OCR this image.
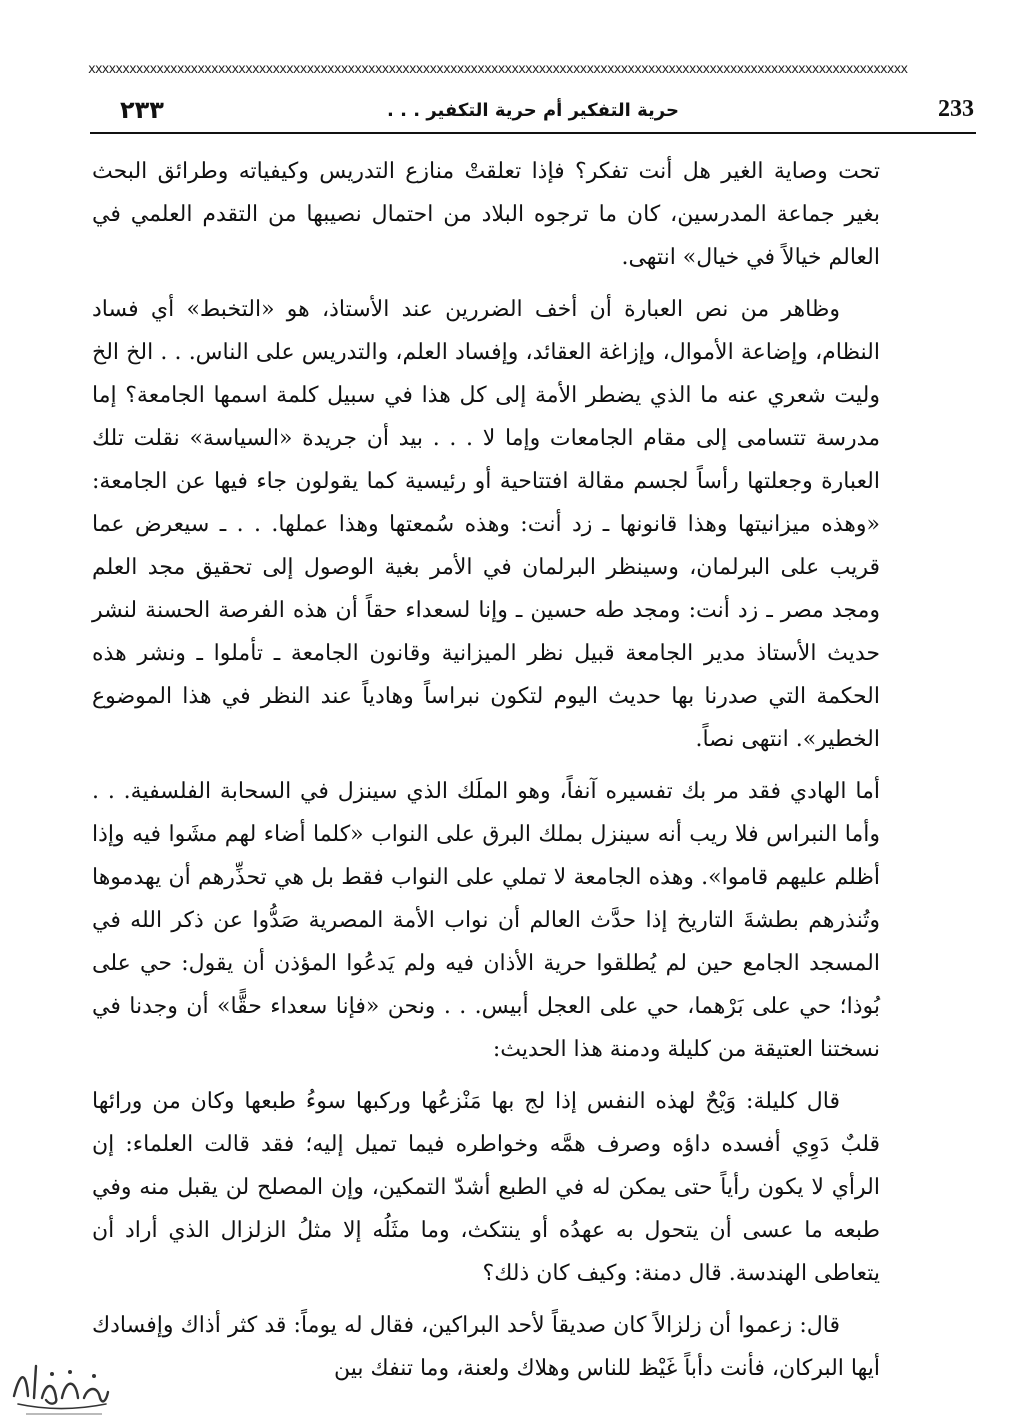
xxxxxxxxxxxxxxxxxxxxxxxxxxxxxxxxxxxxxxxxxxxxxxxxxxxxxxxxxxxxxxxxxxxxxxxxxxxxxxxxxxxxxxxxxxxxxxxxxxxxxxxxxxxxxxxxxxxxxxxx
٢٣٣	حرية التفكير أم حرية التكفير . . .	233

تحت وصاية الغير هل أنت تفكر؟ فإذا تعلقتْ منازع التدريس وكيفياته وطرائق البحث بغير جماعة المدرسين، كان ما ترجوه البلاد من احتمال نصيبها من التقدم العلمي في العالم خيالاً في خيال» انتهى.

وظاهر من نص العبارة أن أخف الضررين عند الأستاذ، هو «التخبط» أي فساد النظام، وإضاعة الأموال، وإزاغة العقائد، وإفساد العلم، والتدريس على الناس. . . الخ الخ وليت شعري عنه ما الذي يضطر الأمة إلى كل هذا في سبيل كلمة اسمها الجامعة؟ إما مدرسة تتسامى إلى مقام الجامعات وإما لا . . . بيد أن جريدة «السياسة» نقلت تلك العبارة وجعلتها رأساً لجسم مقالة افتتاحية أو رئيسية كما يقولون جاء فيها عن الجامعة: «وهذه ميزانيتها وهذا قانونها ـ زد أنت: وهذه سُمعتها وهذا عملها. . . ـ سيعرض عما قريب على البرلمان، وسينظر البرلمان في الأمر بغية الوصول إلى تحقيق مجد العلم ومجد مصر ـ زد أنت: ومجد طه حسين ـ وإنا لسعداء حقاً أن هذه الفرصة الحسنة لنشر حديث الأستاذ مدير الجامعة قبيل نظر الميزانية وقانون الجامعة ـ تأملوا ـ ونشر هذه الحكمة التي صدرنا بها حديث اليوم لتكون نبراساً وهادياً عند النظر في هذا الموضوع الخطير». انتهى نصاً.

أما الهادي فقد مر بك تفسيره آنفاً، وهو الملَك الذي سينزل في السحابة الفلسفية. . . وأما النبراس فلا ريب أنه سينزل بملك البرق على النواب «كلما أضاء لهم مشَوا فيه وإذا أظلم عليهم قاموا». وهذه الجامعة لا تملي على النواب فقط بل هي تحذِّرهم أن يهدموها وتُنذرهم بطشةَ التاريخ إذا حدَّث العالم أن نواب الأمة المصرية صَدُّوا عن ذكر الله في المسجد الجامع حين لم يُطلقوا حرية الأذان فيه ولم يَدعُوا المؤذن أن يقول: حي على بُوذا؛ حي على بَرْهما، حي على العجل أبيس. . . ونحن «فإنا سعداء حقًّا» أن وجدنا في نسختنا العتيقة من كليلة ودمنة هذا الحديث:

قال كليلة: وَيْحٌ لهذه النفس إذا لج بها مَنْزعُها وركبها سوءُ طبعها وكان من ورائها قلبٌ دَوِي أفسده داؤه وصرف همَّه وخواطره فيما تميل إليه؛ فقد قالت العلماء: إن الرأي لا يكون رأياً حتى يمكن له في الطبع أشدّ التمكين، وإن المصلح لن يقبل منه وفي طبعه ما عسى أن يتحول به عهدُه أو ينتكث، وما مثَلُه إلا مثلُ الزلزال الذي أراد أن يتعاطى الهندسة. قال دمنة: وكيف كان ذلك؟

قال: زعموا أن زلزالاً كان صديقاً لأحد البراكين، فقال له يوماً: قد كثر أذاك وإفسادك أيها البركان، فأنت دأباً غَيْظ للناس وهلاك ولعنة، وما تنفك بين
